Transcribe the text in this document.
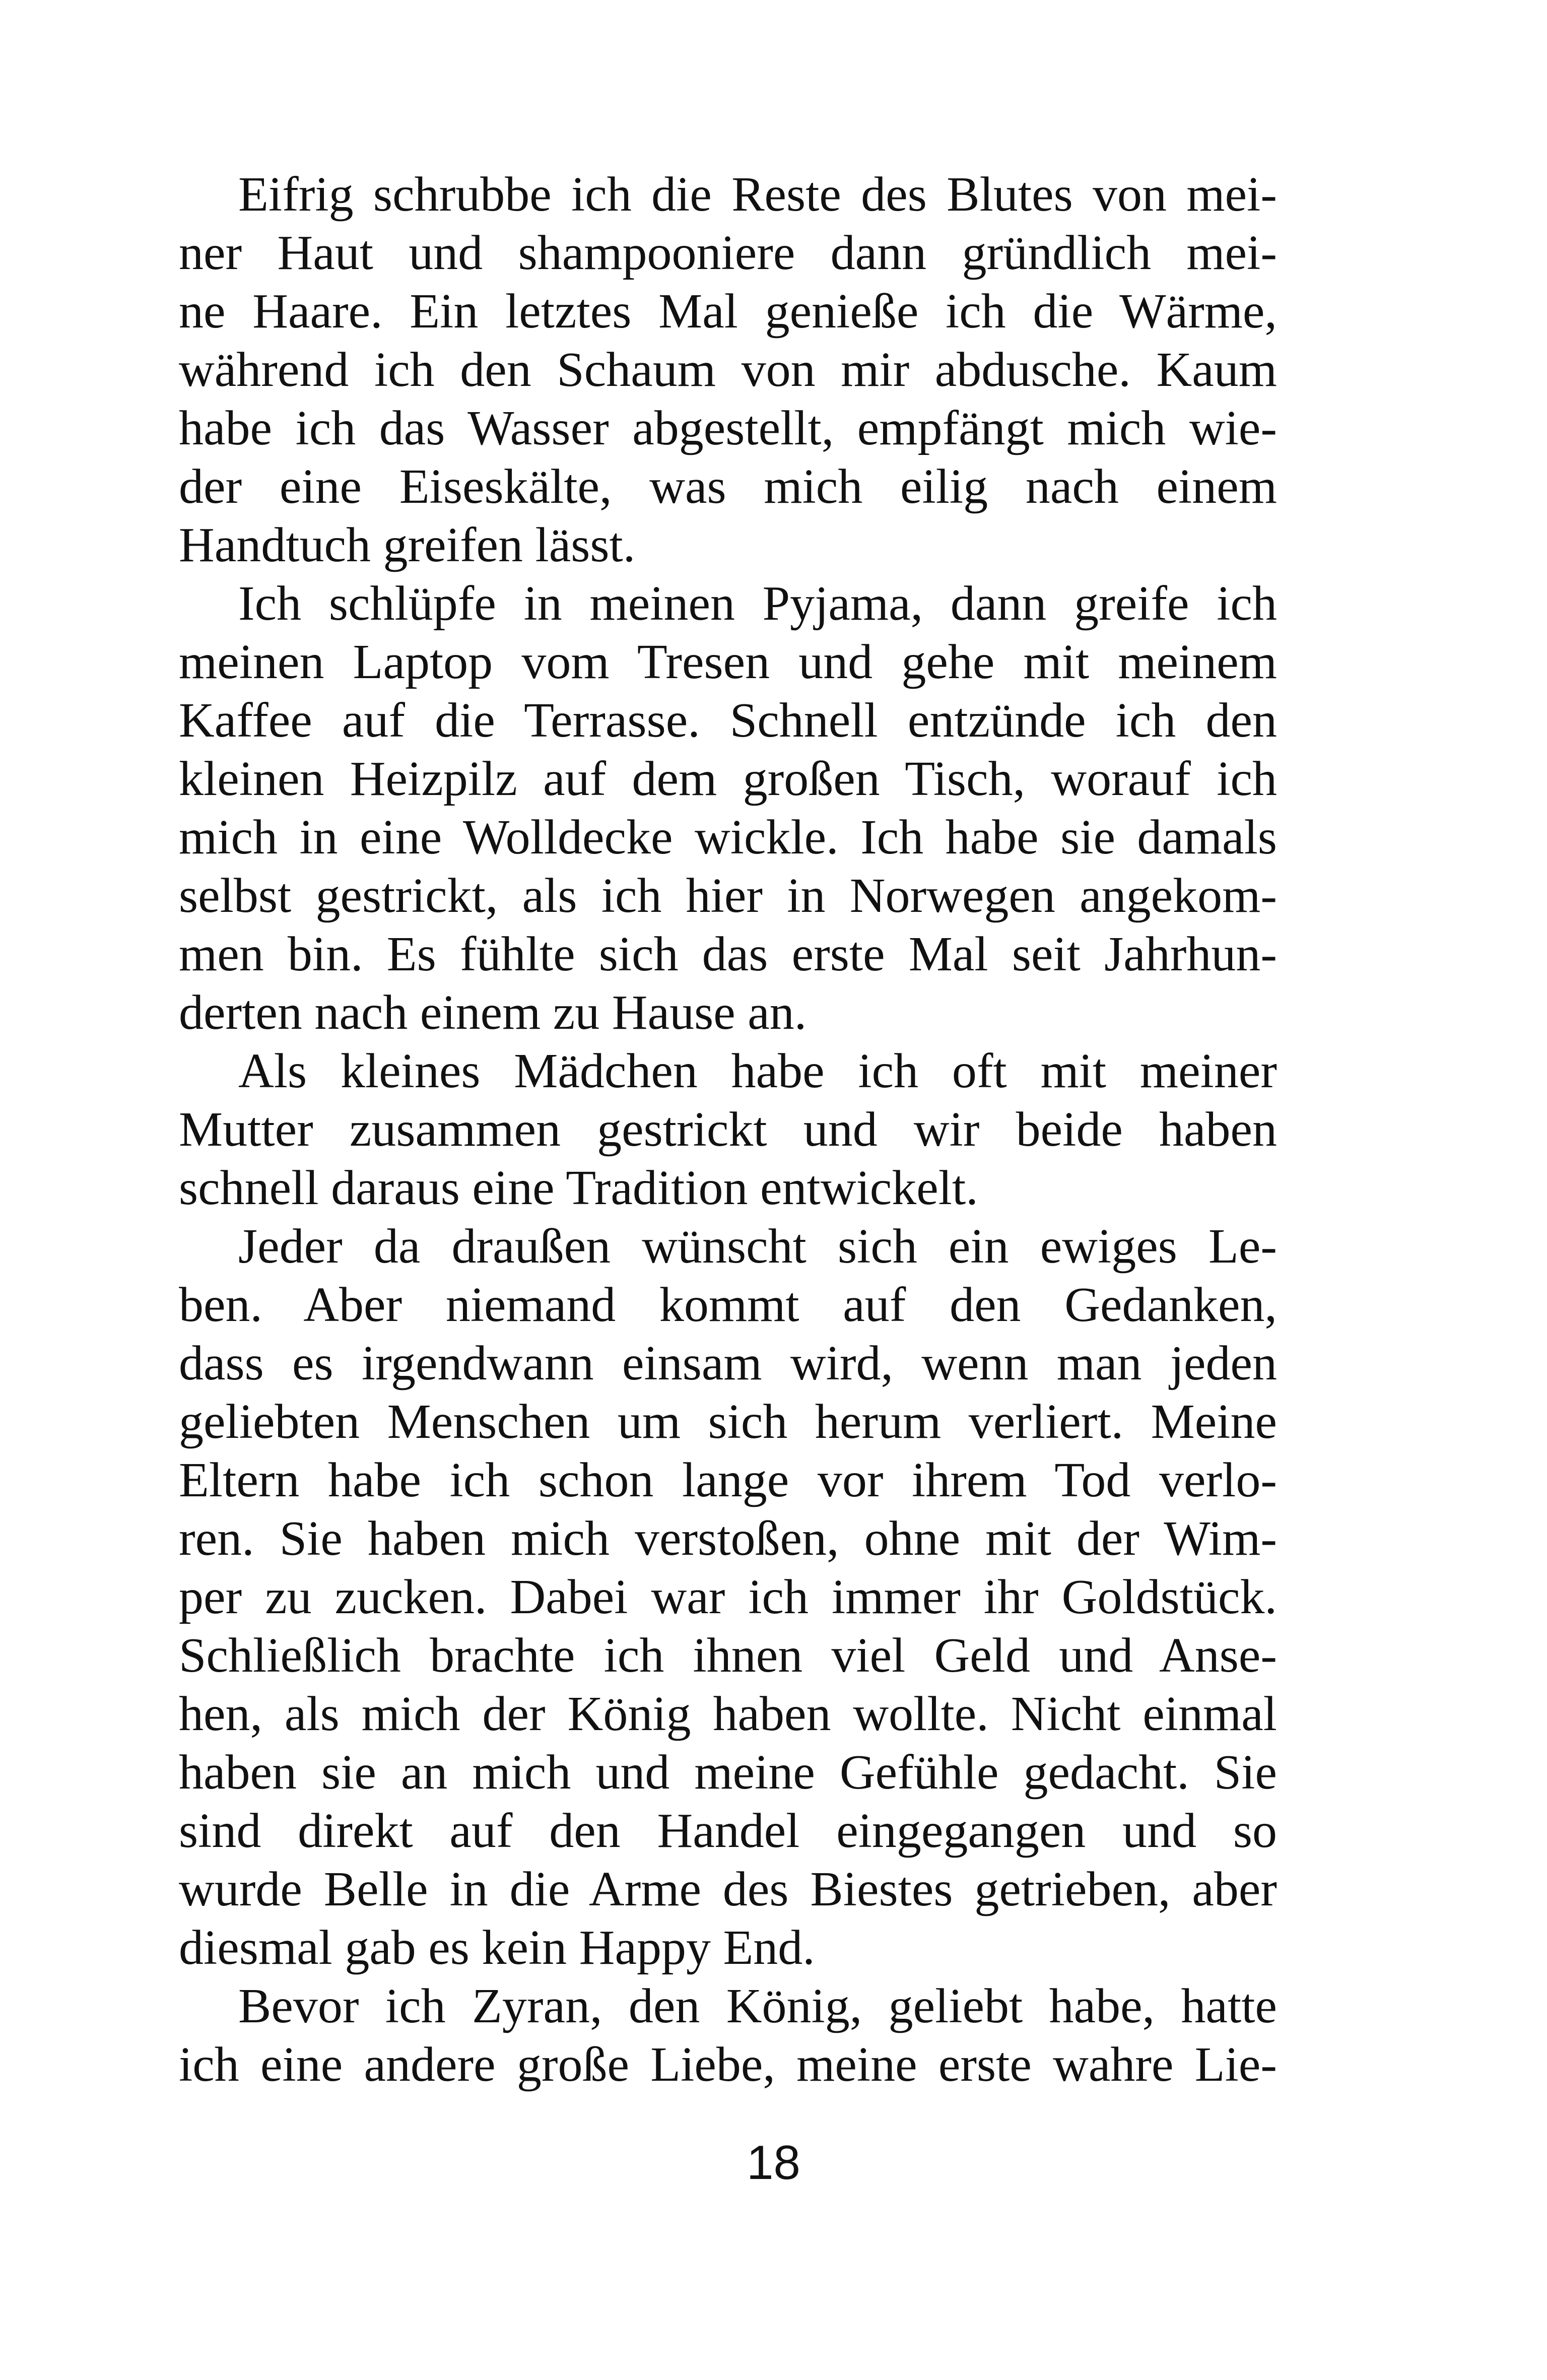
Eifrig schrubbe ich die Reste des Blutes von mei-
ner Haut und shampooniere dann gründlich mei-
ne Haare. Ein letztes Mal genieße ich die Wärme,
während ich den Schaum von mir abdusche. Kaum
habe ich das Wasser abgestellt, empfängt mich wie-
der eine Eiseskälte, was mich eilig nach einem
Handtuch greifen lässt.
Ich schlüpfe in meinen Pyjama, dann greife ich
meinen Laptop vom Tresen und gehe mit meinem
Kaffee auf die Terrasse. Schnell entzünde ich den
kleinen Heizpilz auf dem großen Tisch, worauf ich
mich in eine Wolldecke wickle. Ich habe sie damals
selbst gestrickt, als ich hier in Norwegen angekom-
men bin. Es fühlte sich das erste Mal seit Jahrhun-
derten nach einem zu Hause an.
Als kleines Mädchen habe ich oft mit meiner
Mutter zusammen gestrickt und wir beide haben
schnell daraus eine Tradition entwickelt.
Jeder da draußen wünscht sich ein ewiges Le-
ben. Aber niemand kommt auf den Gedanken,
dass es irgendwann einsam wird, wenn man jeden
geliebten Menschen um sich herum verliert. Meine
Eltern habe ich schon lange vor ihrem Tod verlo-
ren. Sie haben mich verstoßen, ohne mit der Wim-
per zu zucken. Dabei war ich immer ihr Goldstück.
Schließlich brachte ich ihnen viel Geld und Anse-
hen, als mich der König haben wollte. Nicht einmal
haben sie an mich und meine Gefühle gedacht. Sie
sind direkt auf den Handel eingegangen und so
wurde Belle in die Arme des Biestes getrieben, aber
diesmal gab es kein Happy End.
Bevor ich Zyran, den König, geliebt habe, hatte
ich eine andere große Liebe, meine erste wahre Lie-
18
